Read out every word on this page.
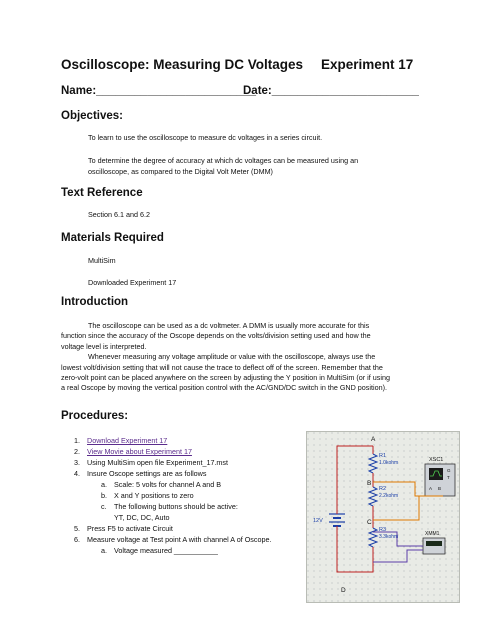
Oscilloscope: Measuring DC Voltages Experiment 17
Name:_________________________
Date:_______________________
Objectives:
To learn to use the oscilloscope to measure dc voltages in a series circuit.
To determine the degree of accuracy at which dc voltages can be measured using an
oscilloscope, as compared to the Digital Volt Meter (DMM)
Text Reference
Section 6.1 and 6.2
Materials Required
MultiSim
Downloaded Experiment 17
Introduction
The oscilloscope can be used as a dc voltmeter. A DMM is usually more accurate for this
function since the accuracy of the Oscope depends on the volts/division setting used and how the
voltage level is interpreted.
Whenever measuring any voltage amplitude or value with the oscilloscope, always use the
lowest volt/division setting that will not cause the trace to deflect off of the screen. Remember that the
zero-volt point can be placed anywhere on the screen by adjusting the Y position in MultiSim (or if using
a real Oscope by moving the vertical position control with the AC/GND/DC switch in the GND position).
Procedures:
1. Download Experiment 17
2. View Movie about Experiment 17
3. Using MultiSim open file Experiment_17.mst
4. Insure Oscope settings are as follows
a. Scale: 5 volts for channel A and B
b. X and Y positions to zero
c. The following buttons should be active:
YT, DC, DC, Auto
5. Press F5 to activate Circuit
6. Measure voltage at Test point A with channel A of Oscope.
a. Voltage measured ___________
A
B
C
D
R1
1.0kohm
R2
2.2kohm
R3
3.3kohm
12V
XSC1
A B
G
T
XMM1
